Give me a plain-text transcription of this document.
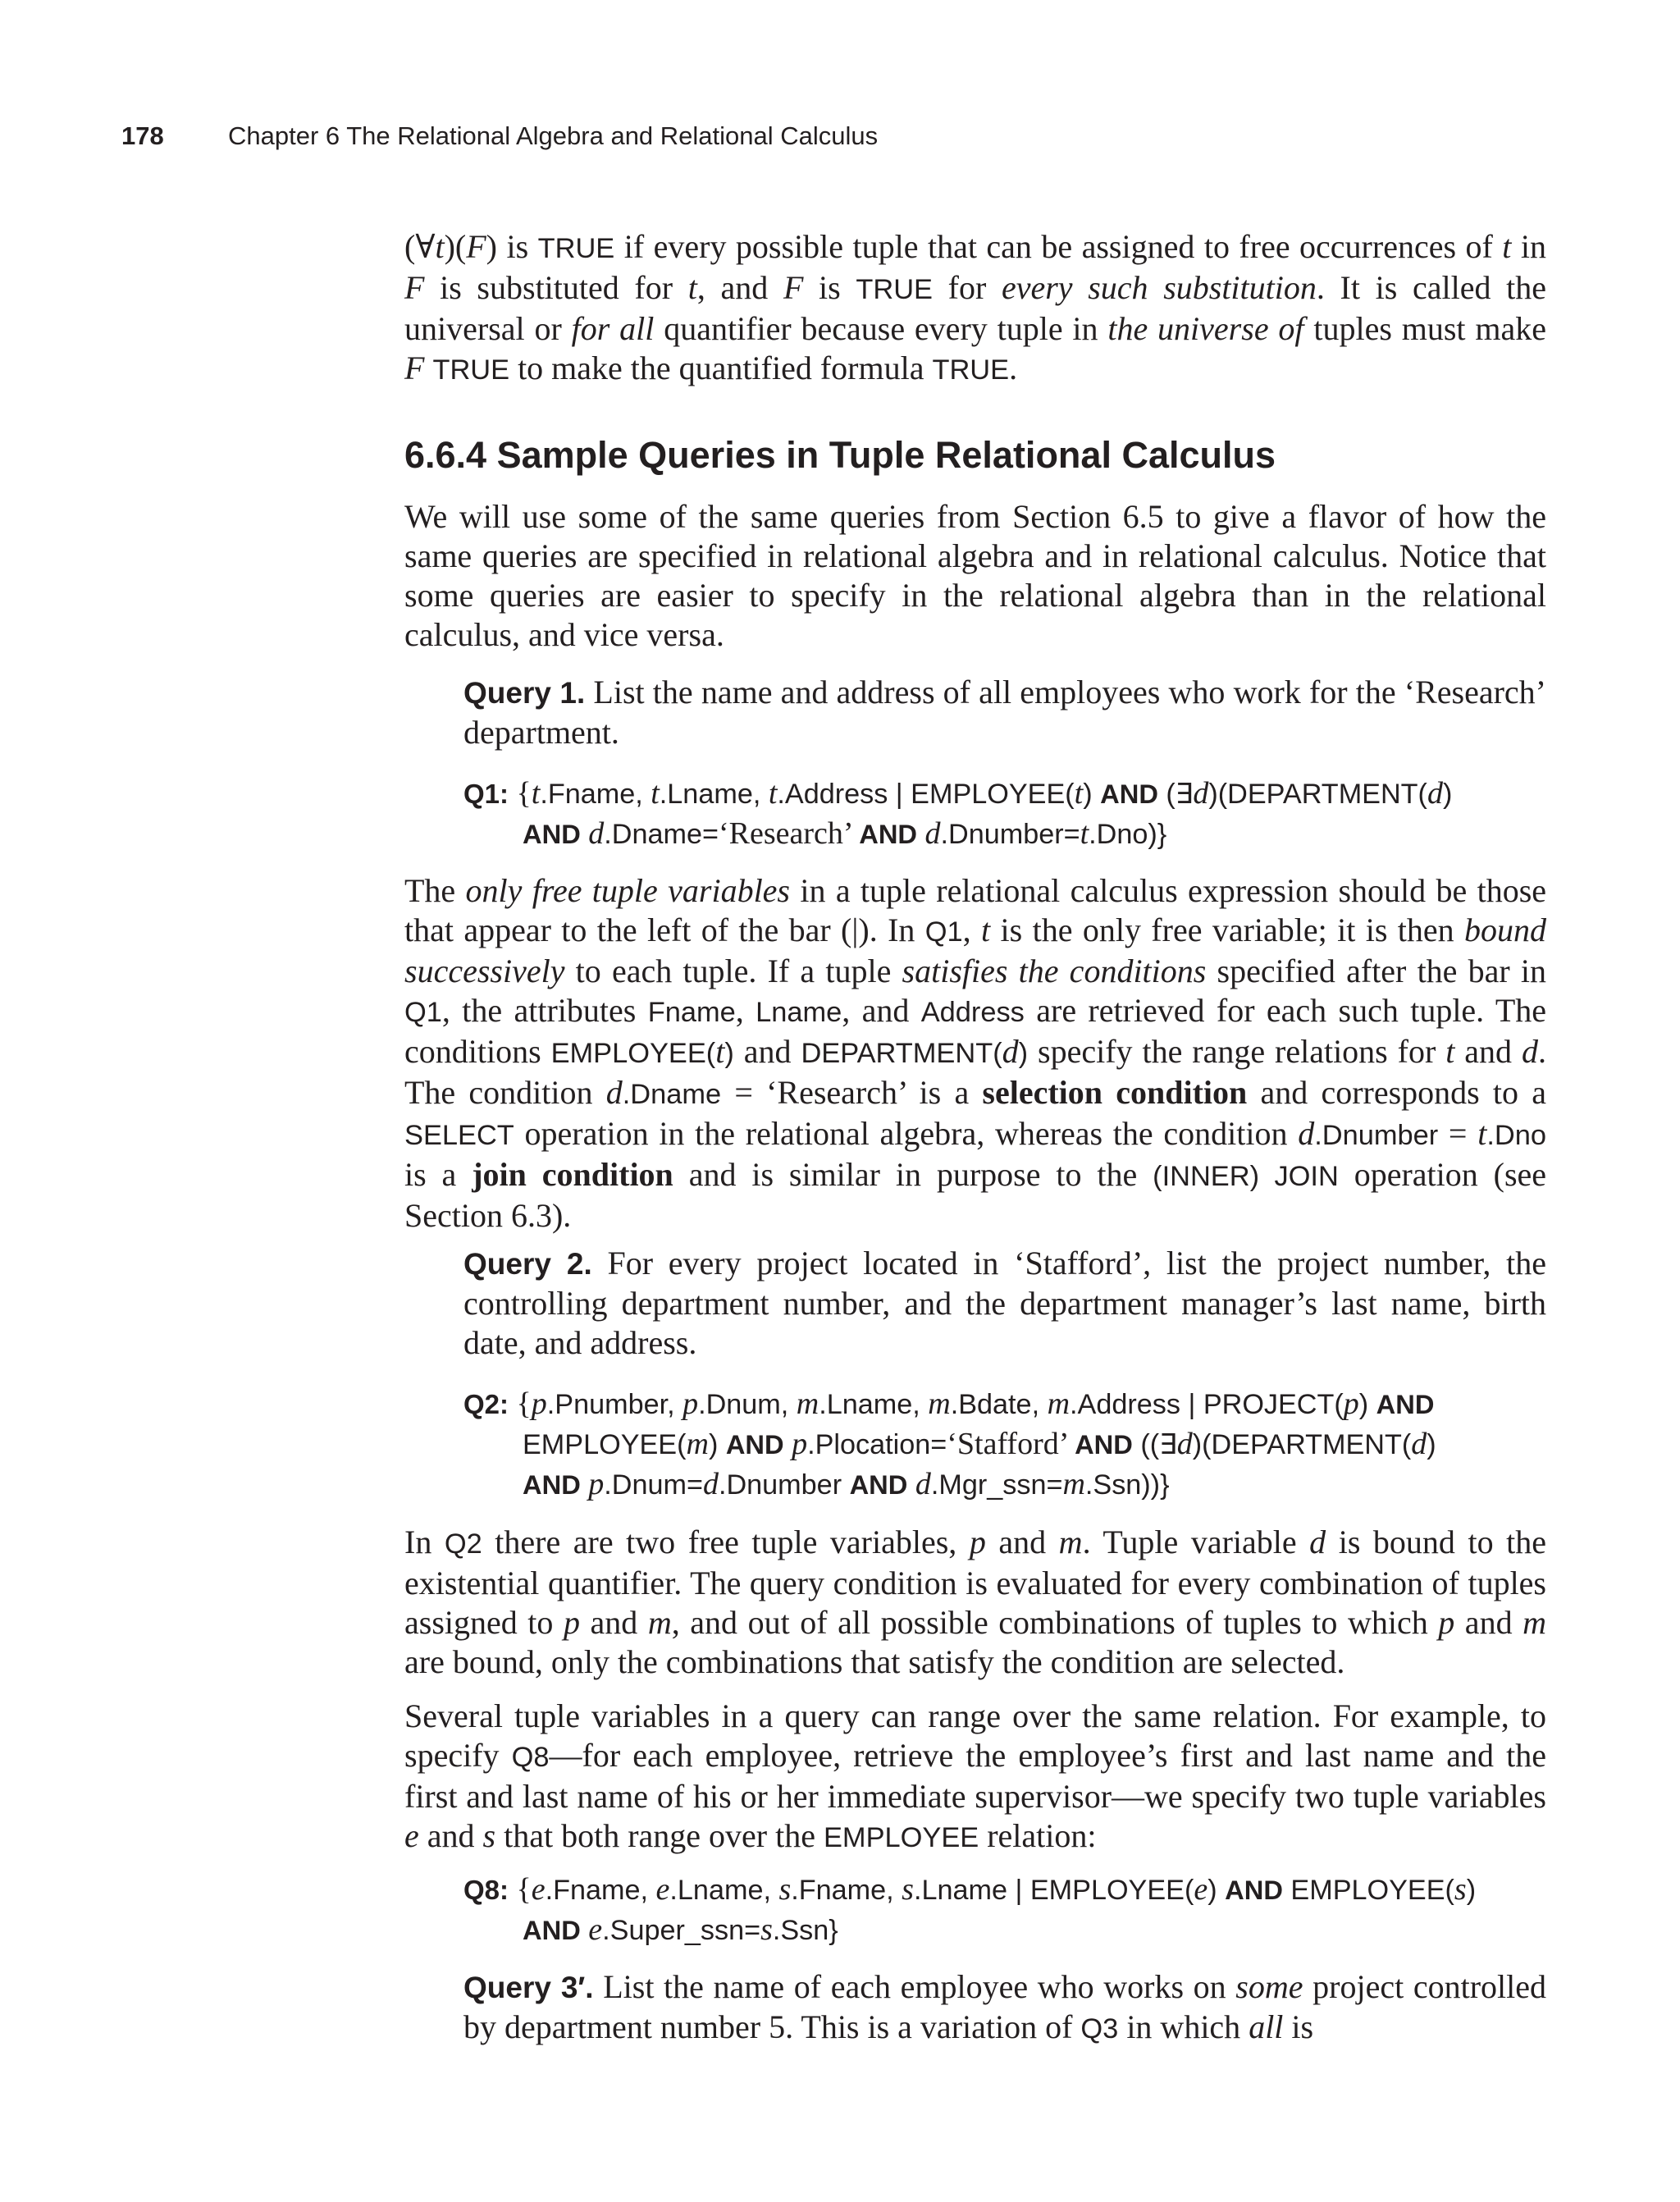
178	Chapter 6 The Relational Algebra and Relational Calculus

(∀t)(F) is TRUE if every possible tuple that can be assigned to free occurrences of t in F is substituted for t, and F is TRUE for every such substitution. It is called the universal or for all quantifier because every tuple in the universe of tuples must make F TRUE to make the quantified formula TRUE.

6.6.4 Sample Queries in Tuple Relational Calculus

We will use some of the same queries from Section 6.5 to give a flavor of how the same queries are specified in relational algebra and in relational calculus. Notice that some queries are easier to specify in the relational algebra than in the relational calculus, and vice versa.

Query 1. List the name and address of all employees who work for the ‘Research’ department.

Q1: {t.Fname, t.Lname, t.Address | EMPLOYEE(t) AND (∃d)(DEPARTMENT(d)
AND d.Dname=‘Research’ AND d.Dnumber=t.Dno)}

The only free tuple variables in a tuple relational calculus expression should be those that appear to the left of the bar (|). In Q1, t is the only free variable; it is then bound successively to each tuple. If a tuple satisfies the conditions specified after the bar in Q1, the attributes Fname, Lname, and Address are retrieved for each such tuple. The conditions EMPLOYEE(t) and DEPARTMENT(d) specify the range relations for t and d. The condition d.Dname = ‘Research’ is a selection condition and corresponds to a SELECT operation in the relational algebra, whereas the condition d.Dnumber = t.Dno is a join condition and is similar in purpose to the (INNER) JOIN operation (see Section 6.3).

Query 2. For every project located in ‘Stafford’, list the project number, the controlling department number, and the department manager’s last name, birth date, and address.

Q2: {p.Pnumber, p.Dnum, m.Lname, m.Bdate, m.Address | PROJECT(p) AND
EMPLOYEE(m) AND p.Plocation=‘Stafford’ AND ((∃d)(DEPARTMENT(d)
AND p.Dnum=d.Dnumber AND d.Mgr_ssn=m.Ssn))}

In Q2 there are two free tuple variables, p and m. Tuple variable d is bound to the existential quantifier. The query condition is evaluated for every combination of tuples assigned to p and m, and out of all possible combinations of tuples to which p and m are bound, only the combinations that satisfy the condition are selected.

Several tuple variables in a query can range over the same relation. For example, to specify Q8—for each employee, retrieve the employee’s first and last name and the first and last name of his or her immediate supervisor—we specify two tuple variables e and s that both range over the EMPLOYEE relation:

Q8: {e.Fname, e.Lname, s.Fname, s.Lname | EMPLOYEE(e) AND EMPLOYEE(s)
AND e.Super_ssn=s.Ssn}

Query 3′. List the name of each employee who works on some project controlled by department number 5. This is a variation of Q3 in which all is
